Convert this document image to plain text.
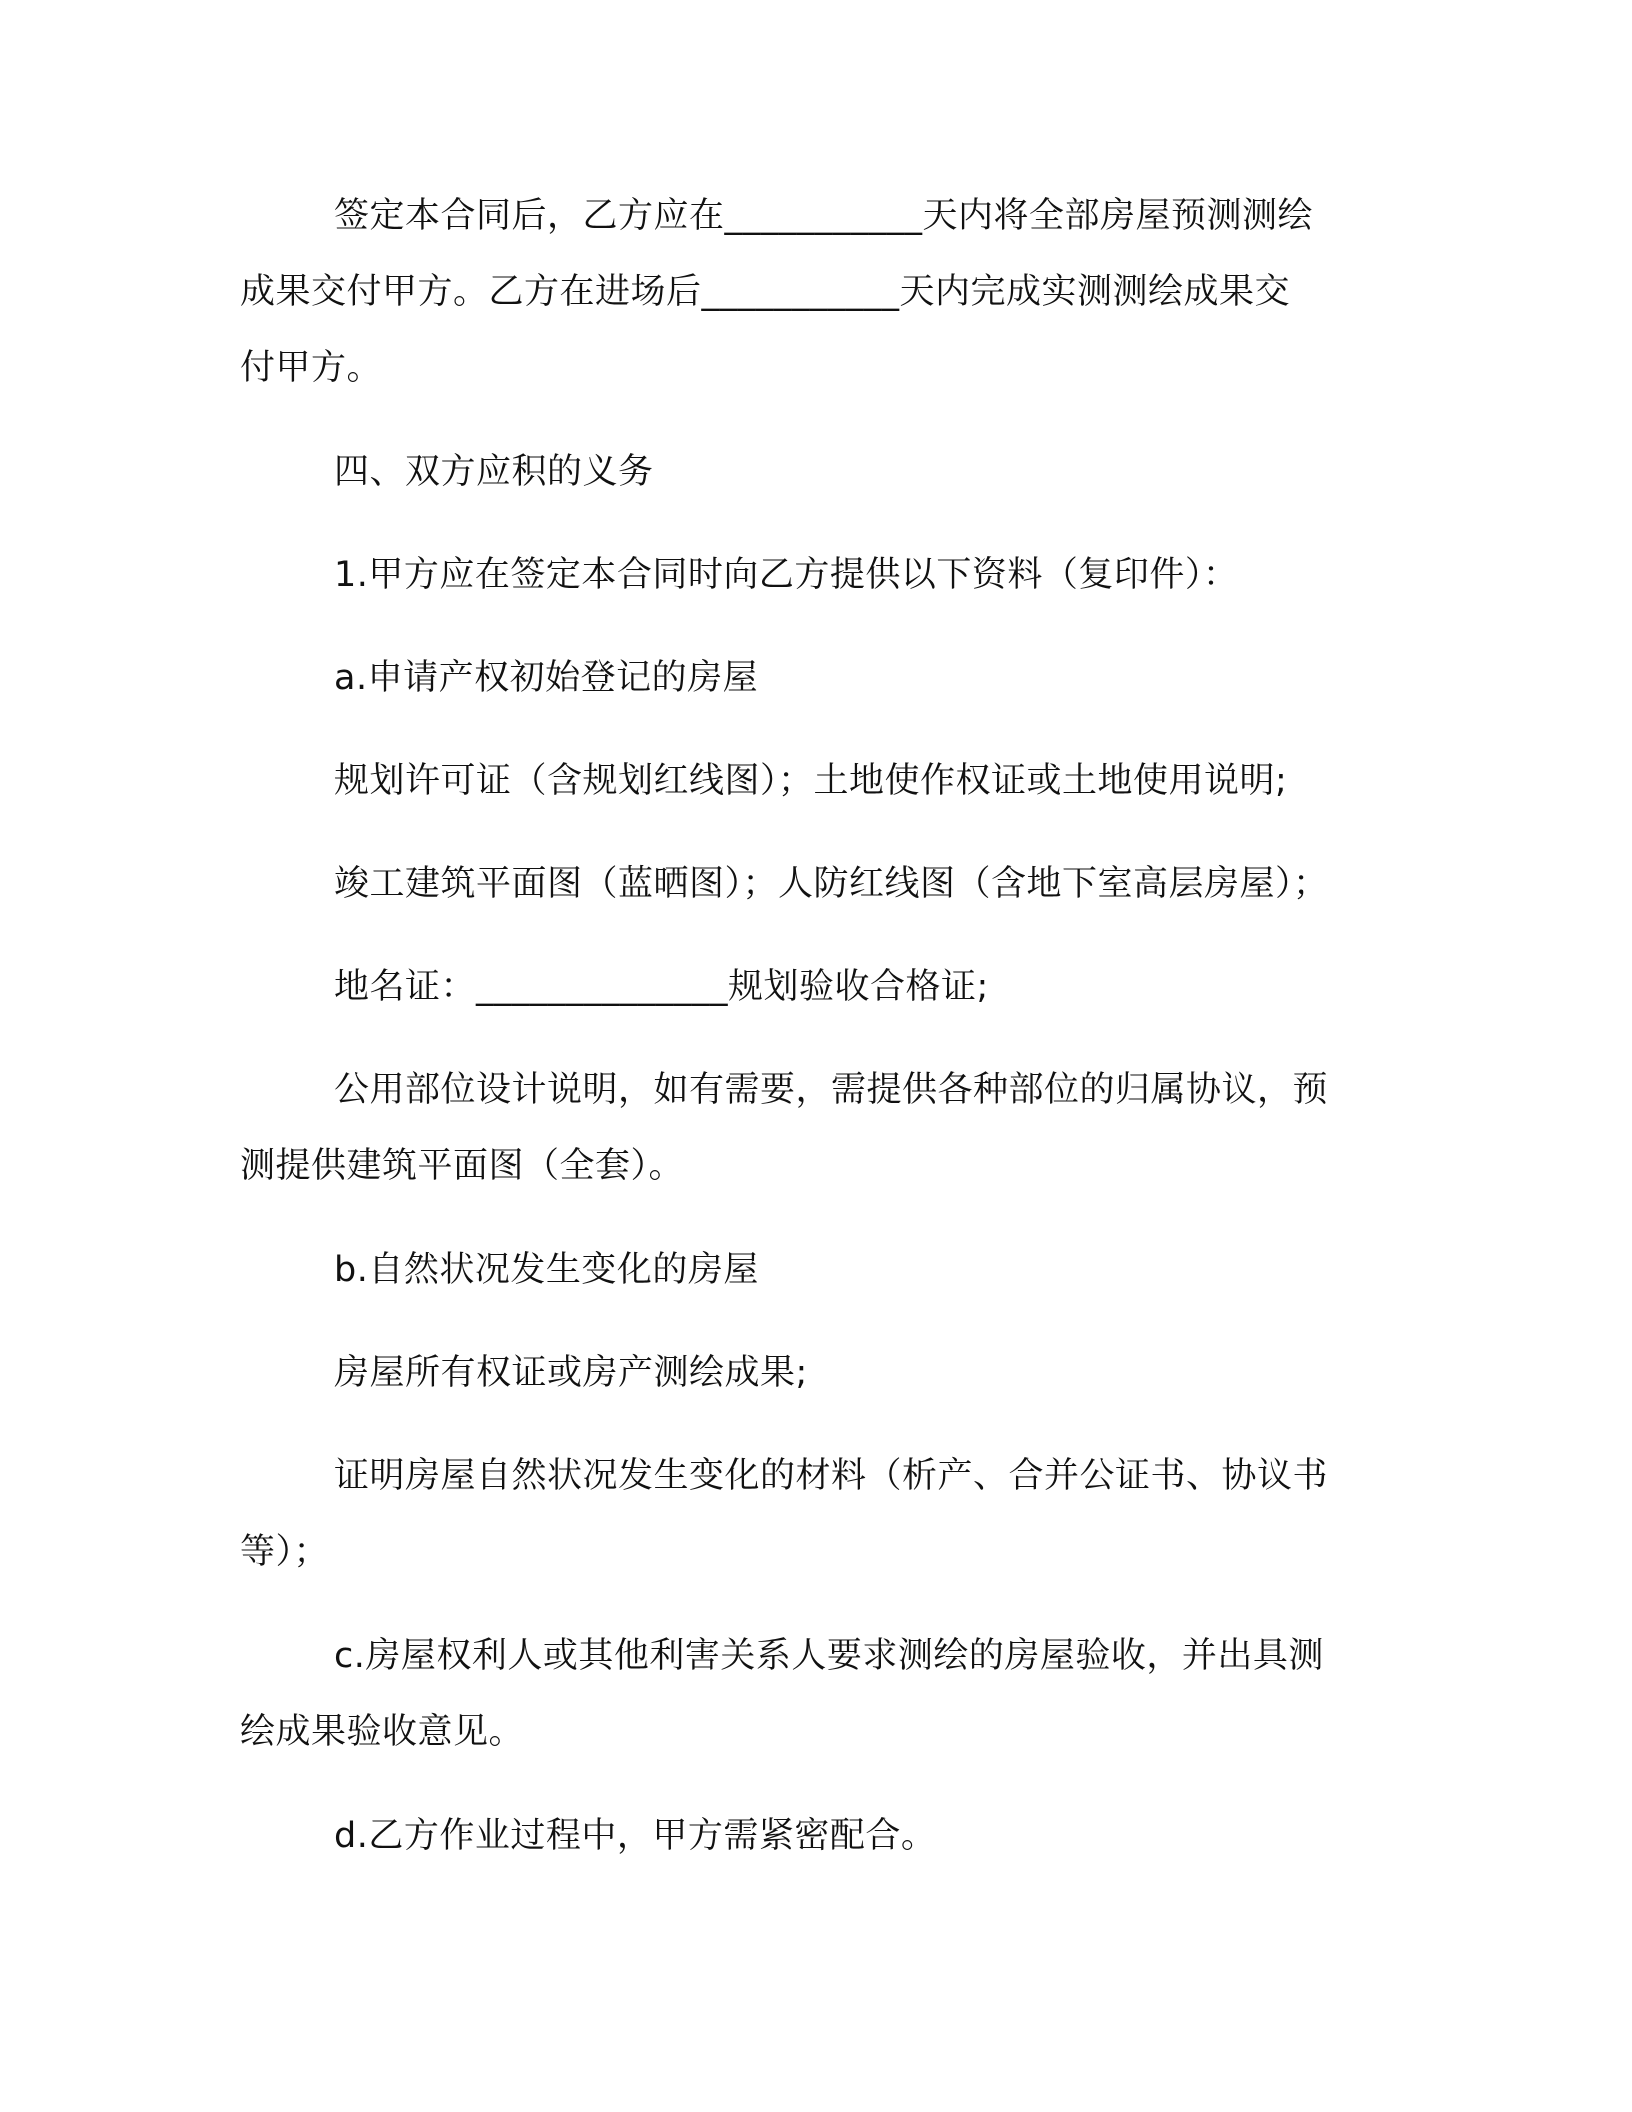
签定本合同后，乙方应在___________天内将全部房屋预测测绘
成果交付甲方。乙方在进场后___________天内完成实测测绘成果交
付甲方。
四、双方应积的义务
1.甲方应在签定本合同时向乙方提供以下资料（复印件）：
a.申请产权初始登记的房屋
规划许可证（含规划红线图）；土地使作权证或土地使用说明;
竣工建筑平面图（蓝晒图）；人防红线图（含地下室高层房屋）；
地名证：______________规划验收合格证;
公用部位设计说明，如有需要，需提供各种部位的归属协议，预
测提供建筑平面图（全套）。
b.自然状况发生变化的房屋
房屋所有权证或房产测绘成果;
证明房屋自然状况发生变化的材料（析产、合并公证书、协议书
等）；
c.房屋权利人或其他利害关系人要求测绘的房屋验收，并出具测
绘成果验收意见。
d.乙方作业过程中，甲方需紧密配合。
